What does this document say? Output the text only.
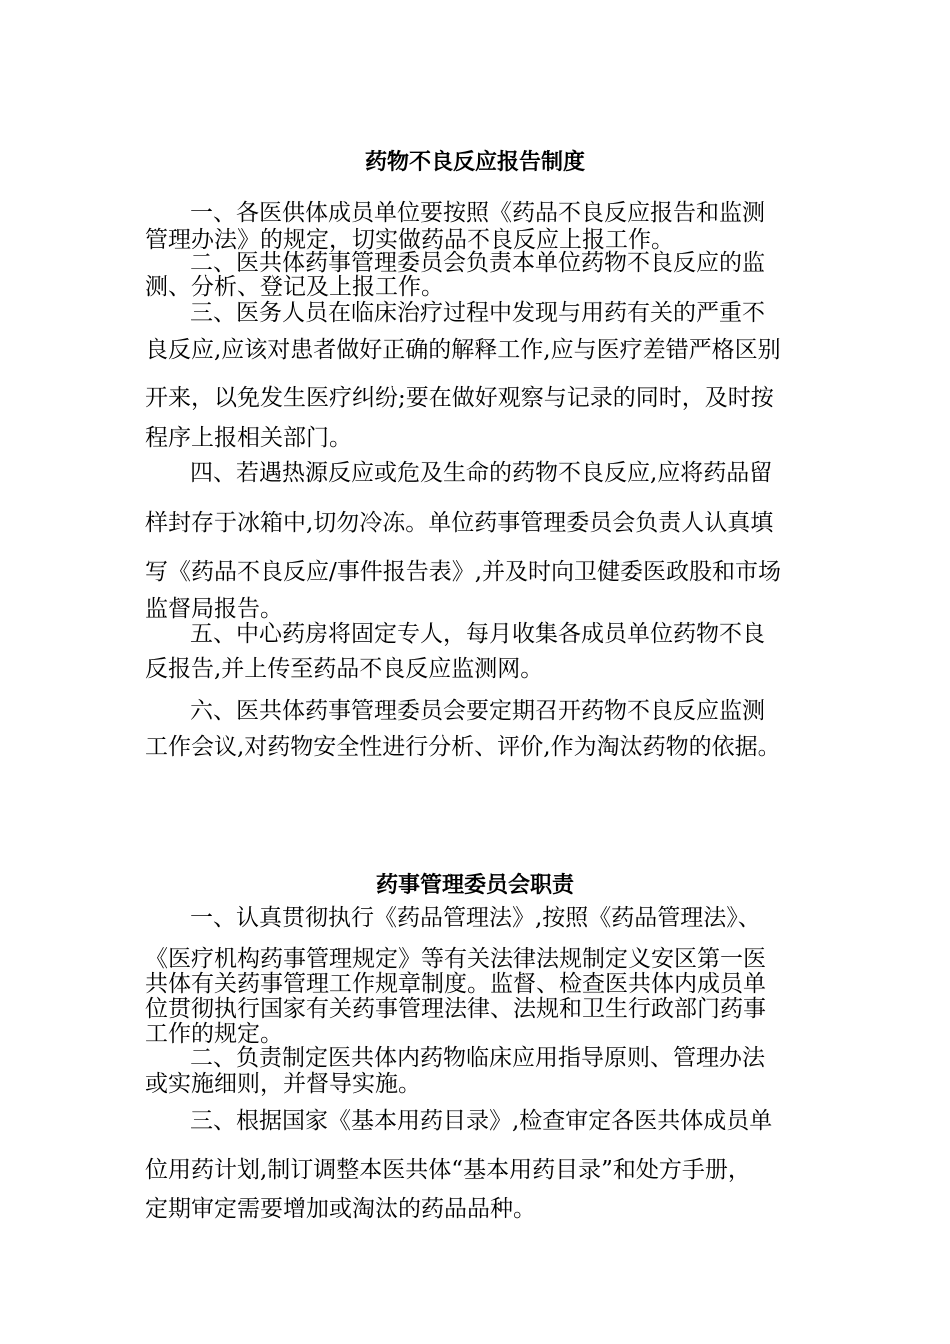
药物不良反应报告制度

一、各医供体成员单位要按照《药品不良反应报告和监测

管理办法》的规定，切实做药品不良反应上报工作。

二、医共体药事管理委员会负责本单位药物不良反应的监

测、分析、登记及上报工作。

三、医务人员在临床治疗过程中发现与用药有关的严重不

良反应,应该对患者做好正确的解释工作,应与医疗差错严格区别

开来，以免发生医疗纠纷;要在做好观察与记录的同时，及时按

程序上报相关部门。

四、若遇热源反应或危及生命的药物不良反应,应将药品留

样封存于冰箱中,切勿冷冻。单位药事管理委员会负责人认真填

写《药品不良反应/事件报告表》,并及时向卫健委医政股和市场

监督局报告。

五、中心药房将固定专人，每月收集各成员单位药物不良

反报告,并上传至药品不良反应监测网。

六、医共体药事管理委员会要定期召开药物不良反应监测

工作会议,对药物安全性进行分析、评价,作为淘汰药物的依据。

药事管理委员会职责

一、认真贯彻执行《药品管理法》,按照《药品管理法》、

《医疗机构药事管理规定》等有关法律法规制定义安区第一医

共体有关药事管理工作规章制度。监督、检查医共体内成员单

位贯彻执行国家有关药事管理法律、法规和卫生行政部门药事

工作的规定。

二、负责制定医共体内药物临床应用指导原则、管理办法

或实施细则，并督导实施。

三、根据国家《基本用药目录》,检查审定各医共体成员单

位用药计划,制订调整本医共体“基本用药目录”和处方手册，

定期审定需要增加或淘汰的药品品种。
